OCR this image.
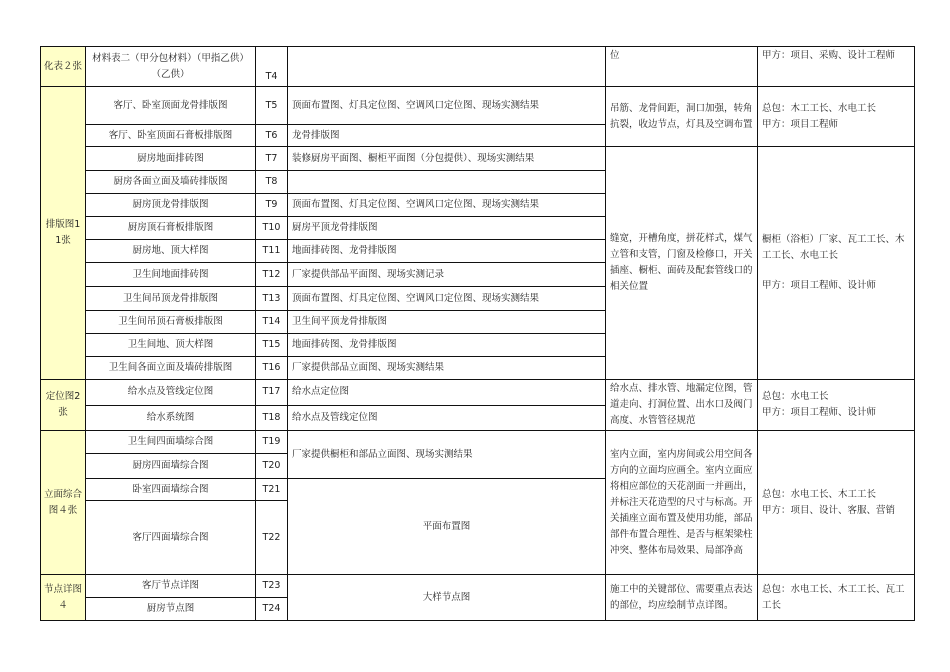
化表２张	材料表二（甲分包材料）（甲指乙供）（乙供）	T4		位	甲方：项目、采购、设计工程师
排版图11张	客厅、卧室顶面龙骨排版图	T5	顶面布置图、灯具定位图、空调风口定位图、现场实测结果	吊筋、龙骨间距，洞口加强，转角抗裂，收边节点，灯具及空调布置	总包：木工工长、水电工长
甲方：项目工程师
	客厅、卧室顶面石膏板排版图	T6	龙骨排版图		
	厨房地面排砖图	T7	装修厨房平面图、橱柜平面图（分包提供）、现场实测结果	缝宽，开槽角度，拼花样式，煤气立管和支管，门窗及检修口，开关插座、橱柜、面砖及配套管线口的相关位置	橱柜（浴柜）厂家、瓦工工长、木工工长、水电工长
甲方：项目工程师、设计师
	厨房各面立面及墙砖排版图	T8			
	厨房顶龙骨排版图	T9	顶面布置图、灯具定位图、空调风口定位图、现场实测结果		
	厨房顶石膏板排版图	T10	厨房平顶龙骨排版图		
	厨房地、顶大样图	T11	地面排砖图、龙骨排版图		
	卫生间地面排砖图	T12	厂家提供部品平面图、现场实测记录		
	卫生间吊顶龙骨排版图	T13	顶面布置图、灯具定位图、空调风口定位图、现场实测结果		
	卫生间吊顶石膏板排版图	T14	卫生间平顶龙骨排版图		
	卫生间地、顶大样图	T15	地面排砖图、龙骨排版图		
	卫生间各面立面及墙砖排版图	T16	厂家提供部品立面图、现场实测结果		
定位图2张	给水点及管线定位图	T17	给水点定位图	给水点、排水管、地漏定位图，管道走向、打洞位置、出水口及阀门高度、水管管径规范	总包：水电工长
甲方：项目工程师、设计师
	给水系统图	T18	给水点及管线定位图		
立面综合图４张	卫生间四面墙综合图	T19	厂家提供橱柜和部品立面图、现场实测结果	室内立面，室内房间或公用空间各方向的立面均应画全。室内立面应将相应部位的天花剖面一并画出，并标注天花造型的尺寸与标高。开关插座立面布置及使用功能，部品部件布置合理性、是否与框架梁柱冲突、整体布局效果、局部净高	总包：水电工长、木工工长
甲方：项目、设计、客服、营销
	厨房四面墙综合图	T20			
	卧室四面墙综合图	T21	平面布置图		
	客厅四面墙综合图	T22			
节点详图４	客厅节点详图	T23	大样节点图	施工中的关键部位、需要重点表达的部位，均应绘制节点详图。	总包：水电工长、木工工长、瓦工工长
	厨房节点图	T24			
